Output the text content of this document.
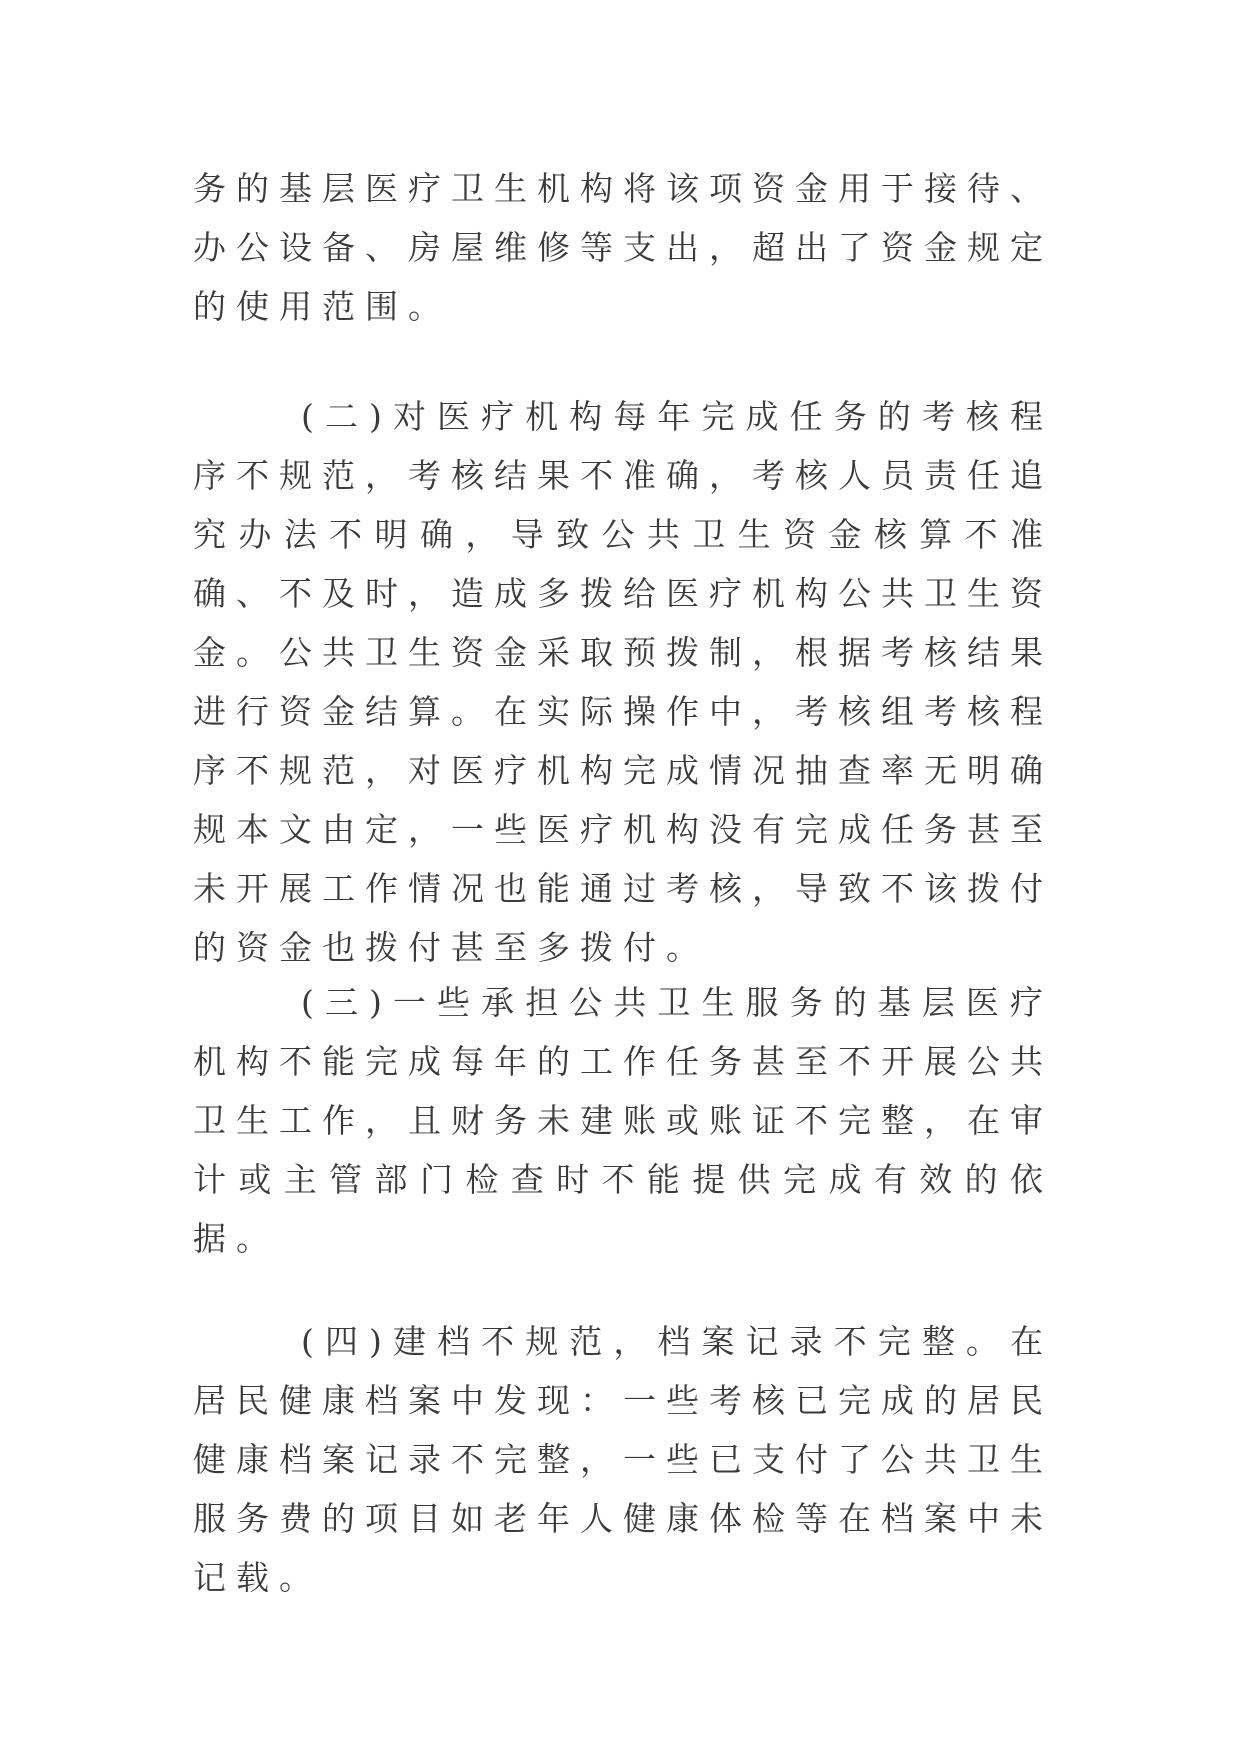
务的基层医疗卫生机构将该项资金用于接待、办公设备、房屋维修等支出，超出了资金规定的使用范围。

(二)对医疗机构每年完成任务的考核程序不规范，考核结果不准确，考核人员责任追究办法不明确，导致公共卫生资金核算不准确、不及时，造成多拨给医疗机构公共卫生资金。公共卫生资金采取预拨制，根据考核结果进行资金结算。在实际操作中，考核组考核程序不规范，对医疗机构完成情况抽查率无明确规本文由定，一些医疗机构没有完成任务甚至未开展工作情况也能通过考核，导致不该拨付的资金也拨付甚至多拨付。

(三)一些承担公共卫生服务的基层医疗机构不能完成每年的工作任务甚至不开展公共卫生工作，且财务未建账或账证不完整，在审计或主管部门检查时不能提供完成有效的依据。

(四)建档不规范，档案记录不完整。在居民健康档案中发现：一些考核已完成的居民健康档案记录不完整，一些已支付了公共卫生服务费的项目如老年人健康体检等在档案中未记载。
